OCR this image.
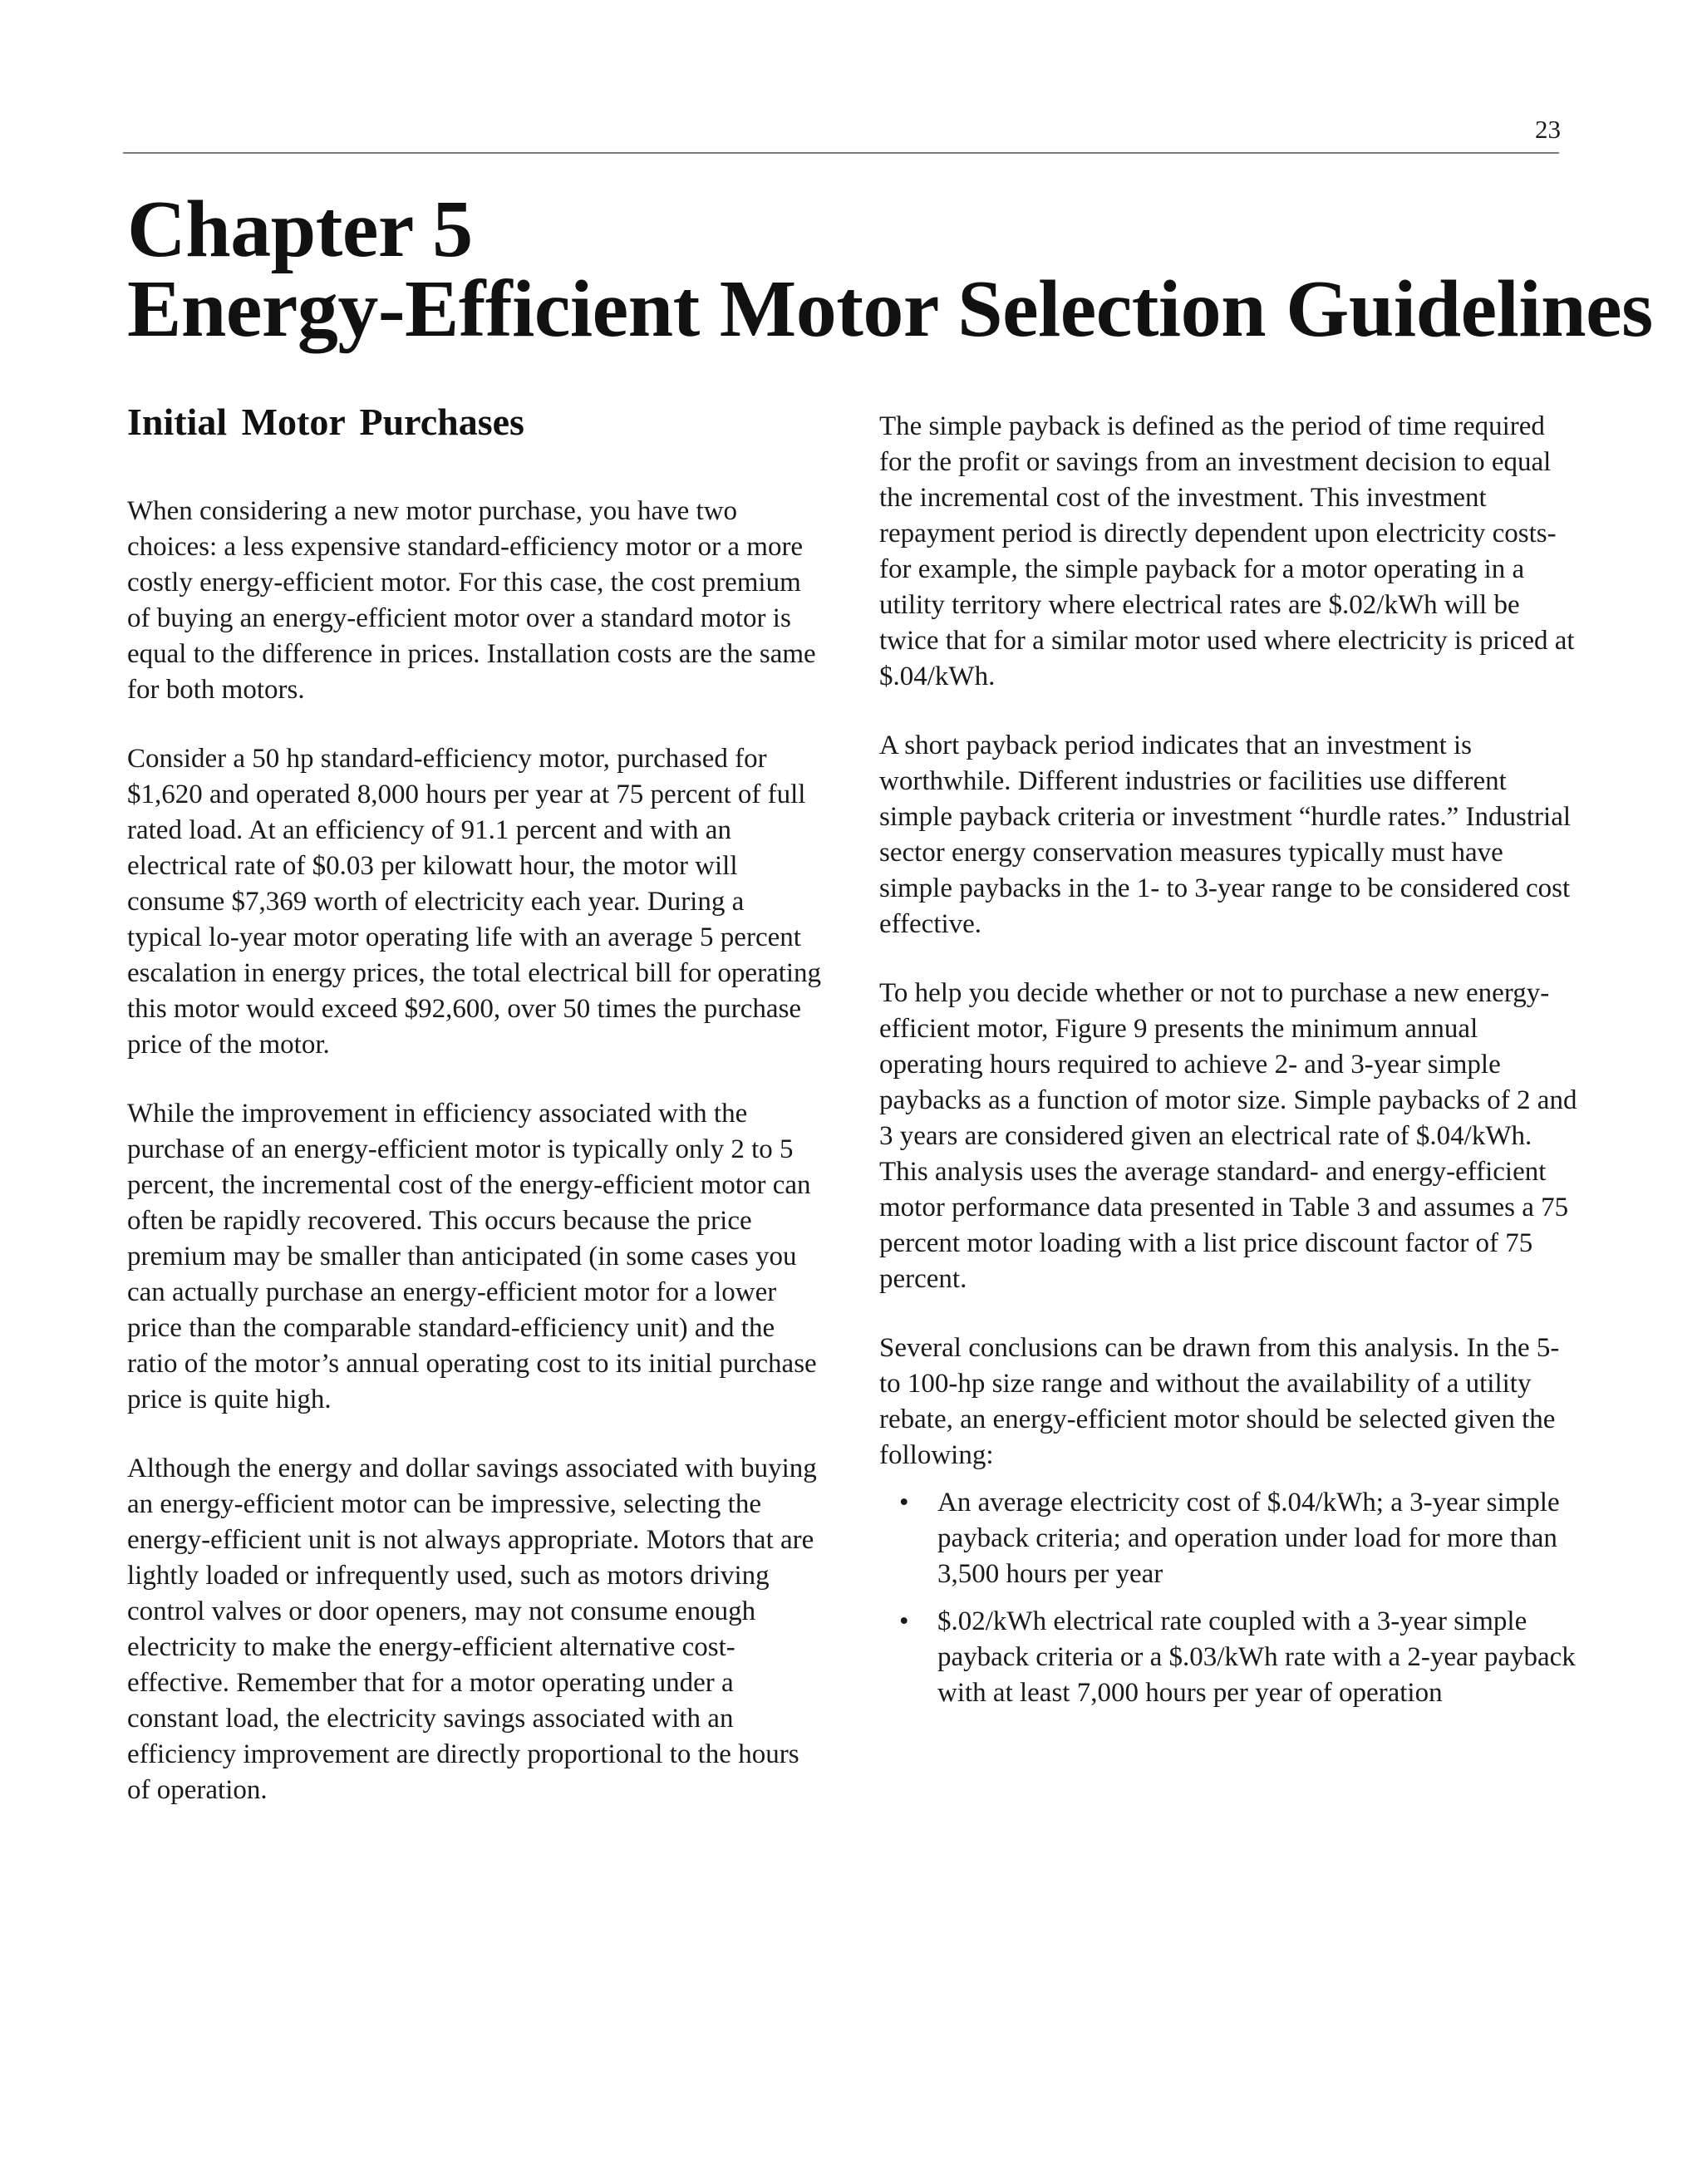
23
Chapter 5
Energy-Efficient Motor Selection Guidelines
Initial Motor Purchases

When considering a new motor purchase, you have two choices: a less expensive standard-efficiency motor or a more costly energy-efficient motor. For this case, the cost premium of buying an energy-efficient motor over a standard motor is equal to the difference in prices. Installation costs are the same for both motors.

Consider a 50 hp standard-efficiency motor, purchased for $1,620 and operated 8,000 hours per year at 75 percent of full rated load. At an efficiency of 91.1 percent and with an electrical rate of $0.03 per kilowatt hour, the motor will consume $7,369 worth of electricity each year. During a typical lo-year motor operating life with an average 5 percent escalation in energy prices, the total electrical bill for operating this motor would exceed $92,600, over 50 times the purchase price of the motor.

While the improvement in efficiency associated with the purchase of an energy-efficient motor is typically only 2 to 5 percent, the incremental cost of the energy-efficient motor can often be rapidly recovered. This occurs because the price premium may be smaller than anticipated (in some cases you can actually purchase an energy-efficient motor for a lower price than the comparable standard-efficiency unit) and the ratio of the motor’s annual operating cost to its initial purchase price is quite high.

Although the energy and dollar savings associated with buying an energy-efficient motor can be impressive, selecting the energy-efficient unit is not always appropriate. Motors that are lightly loaded or infrequently used, such as motors driving control valves or door openers, may not consume enough electricity to make the energy-efficient alternative cost-effective. Remember that for a motor operating under a constant load, the electricity savings associated with an efficiency improvement are directly proportional to the hours of operation.

The simple payback is defined as the period of time required for the profit or savings from an investment decision to equal the incremental cost of the investment. This investment repayment period is directly dependent upon electricity costs-for example, the simple payback for a motor operating in a utility territory where electrical rates are $.02/kWh will be twice that for a similar motor used where electricity is priced at $.04/kWh.

A short payback period indicates that an investment is worthwhile. Different industries or facilities use different simple payback criteria or investment “hurdle rates.” Industrial sector energy conservation measures typically must have simple paybacks in the 1- to 3-year range to be considered cost effective.

To help you decide whether or not to purchase a new energy-efficient motor, Figure 9 presents the minimum annual operating hours required to achieve 2- and 3-year simple paybacks as a function of motor size. Simple paybacks of 2 and 3 years are considered given an electrical rate of $.04/kWh. This analysis uses the average standard- and energy-efficient motor performance data presented in Table 3 and assumes a 75 percent motor loading with a list price discount factor of 75 percent.

Several conclusions can be drawn from this analysis. In the 5- to 100-hp size range and without the availability of a utility rebate, an energy-efficient motor should be selected given the following:

• An average electricity cost of $.04/kWh; a 3-year simple payback criteria; and operation under load for more than 3,500 hours per year
• $.02/kWh electrical rate coupled with a 3-year simple payback criteria or a $.03/kWh rate with a 2-year payback with at least 7,000 hours per year of operation
